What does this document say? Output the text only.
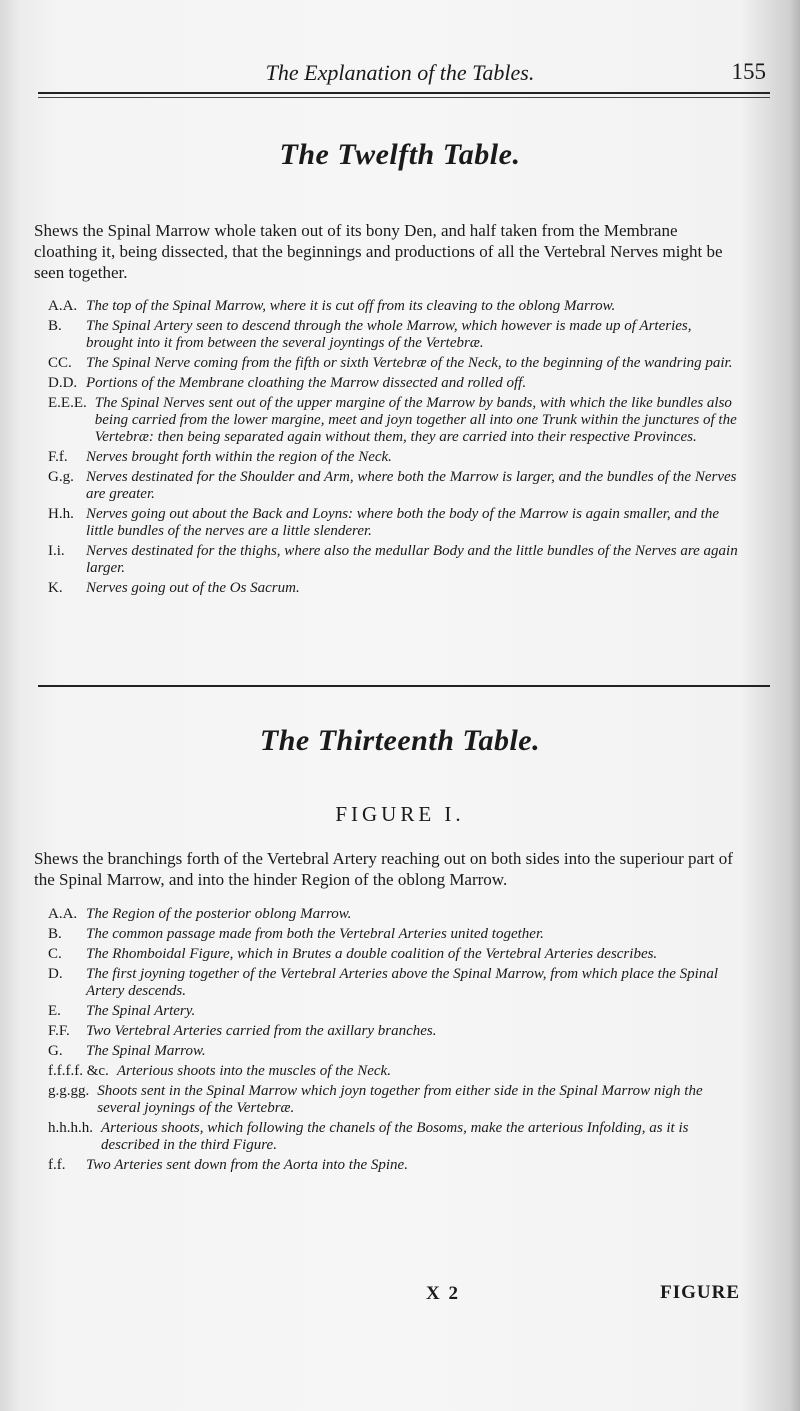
The Explanation of the Tables.	155
The Twelfth Table.
Shews the Spinal Marrow whole taken out of its bony Den, and half taken from the Membrane cloathing it, being dissected, that the beginnings and productions of all the Vertebral Nerves might be seen together.
A.A. The top of the Spinal Marrow, where it is cut off from its cleaving to the oblong Marrow.
B.	The Spinal Artery seen to descend through the whole Marrow, which however is made up of Arteries, brought into it from between the several joyntings of the Vertebræ.
CC. The Spinal Nerve coming from the fifth or sixth Vertebræ of the Neck, to the beginning of the wandring pair.
D.D. Portions of the Membrane cloathing the Marrow dissected and rolled off.
E.E.E. The Spinal Nerves sent out of the upper margine of the Marrow by bands, with which the like bundles also being carried from the lower margine, meet and joyn together all into one Trunk within the junctures of the Vertebræ: then being separated again without them, they are carried into their respective Provinces.
F.f.	Nerves brought forth within the region of the Neck.
G.g. Nerves destinated for the Shoulder and Arm, where both the Marrow is larger, and the bundles of the Nerves are greater.
H.h. Nerves going out about the Back and Loyns: where both the body of the Marrow is again smaller, and the little bundles of the nerves are a little slenderer.
I.i.	Nerves destinated for the thighs, where also the medullar Body and the little bundles of the Nerves are again larger.
K.	Nerves going out of the Os Sacrum.
The Thirteenth Table.
FIGURE I.
Shews the branchings forth of the Vertebral Artery reaching out on both sides into the superiour part of the Spinal Marrow, and into the hinder Region of the oblong Marrow.
A.A. The Region of the posterior oblong Marrow.
B.	The common passage made from both the Vertebral Arteries united together.
C.	The Rhomboidal Figure, which in Brutes a double coalition of the Vertebral Arteries describes.
D.	The first joyning together of the Vertebral Arteries above the Spinal Marrow, from which place the Spinal Artery descends.
E.	The Spinal Artery.
F.F.	Two Vertebral Arteries carried from the axillary branches.
G.	The Spinal Marrow.
f.f.f.f. &c. Arterious shoots into the muscles of the Neck.
g.g.gg. Shoots sent in the Spinal Marrow which joyn together from either side in the Spinal Marrow nigh the several joynings of the Vertebræ.
h.h.h.h. Arterious shoots, which following the chanels of the Bosoms, make the arterious Infolding, as it is described in the third Figure.
f.f.	Two Arteries sent down from the Aorta into the Spine.
X 2	FIGURE
